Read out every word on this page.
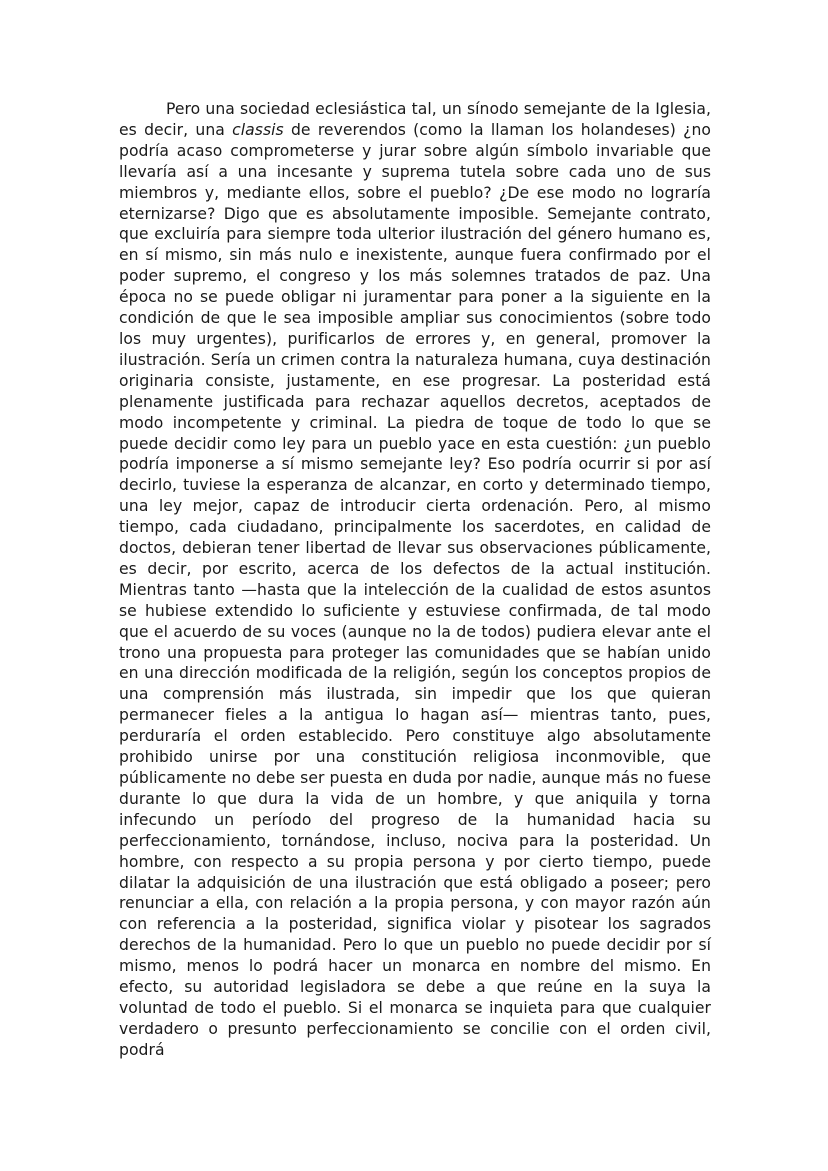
Pero una sociedad eclesiástica tal, un sínodo semejante de la Iglesia, es decir, una classis de reverendos (como la llaman los holandeses) ¿no podría acaso comprometerse y jurar sobre algún símbolo invariable que llevaría así a una incesante y suprema tutela sobre cada uno de sus miembros y, mediante ellos, sobre el pueblo? ¿De ese modo no lograría eternizarse? Digo que es absolutamente imposible. Semejante contrato, que excluiría para siempre toda ulterior ilustración del género humano es, en sí mismo, sin más nulo e inexistente, aunque fuera confirmado por el poder supremo, el congreso y los más solemnes tratados de paz. Una época no se puede obligar ni juramentar para poner a la siguiente en la condición de que le sea imposible ampliar sus conocimientos (sobre todo los muy urgentes), purificarlos de errores y, en general, promover la ilustración. Sería un crimen contra la naturaleza humana, cuya destinación originaria consiste, justamente, en ese progresar. La posteridad está plenamente justificada para rechazar aquellos decretos, aceptados de modo incompetente y criminal. La piedra de toque de todo lo que se puede decidir como ley para un pueblo yace en esta cuestión: ¿un pueblo podría imponerse a sí mismo semejante ley? Eso podría ocurrir si por así decirlo, tuviese la esperanza de alcanzar, en corto y determinado tiempo, una ley mejor, capaz de introducir cierta ordenación. Pero, al mismo tiempo, cada ciudadano, principalmente los sacerdotes, en calidad de doctos, debieran tener libertad de llevar sus observaciones públicamente, es decir, por escrito, acerca de los defectos de la actual institución. Mientras tanto —hasta que la intelección de la cualidad de estos asuntos se hubiese extendido lo suficiente y estuviese confirmada, de tal modo que el acuerdo de su voces (aunque no la de todos) pudiera elevar ante el trono una propuesta para proteger las comunidades que se habían unido en una dirección modificada de la religión, según los conceptos propios de una comprensión más ilustrada, sin impedir que los que quieran permanecer fieles a la antigua lo hagan así— mientras tanto, pues, perduraría el orden establecido. Pero constituye algo absolutamente prohibido unirse por una constitución religiosa inconmovible, que públicamente no debe ser puesta en duda por nadie, aunque más no fuese durante lo que dura la vida de un hombre, y que aniquila y torna infecundo un período del progreso de la humanidad hacia su perfeccionamiento, tornándose, incluso, nociva para la posteridad. Un hombre, con respecto a su propia persona y por cierto tiempo, puede dilatar la adquisición de una ilustración que está obligado a poseer; pero renunciar a ella, con relación a la propia persona, y con mayor razón aún con referencia a la posteridad, significa violar y pisotear los sagrados derechos de la humanidad. Pero lo que un pueblo no puede decidir por sí mismo, menos lo podrá hacer un monarca en nombre del mismo. En efecto, su autoridad legisladora se debe a que reúne en la suya la voluntad de todo el pueblo. Si el monarca se inquieta para que cualquier verdadero o presunto perfeccionamiento se concilie con el orden civil, podrá
